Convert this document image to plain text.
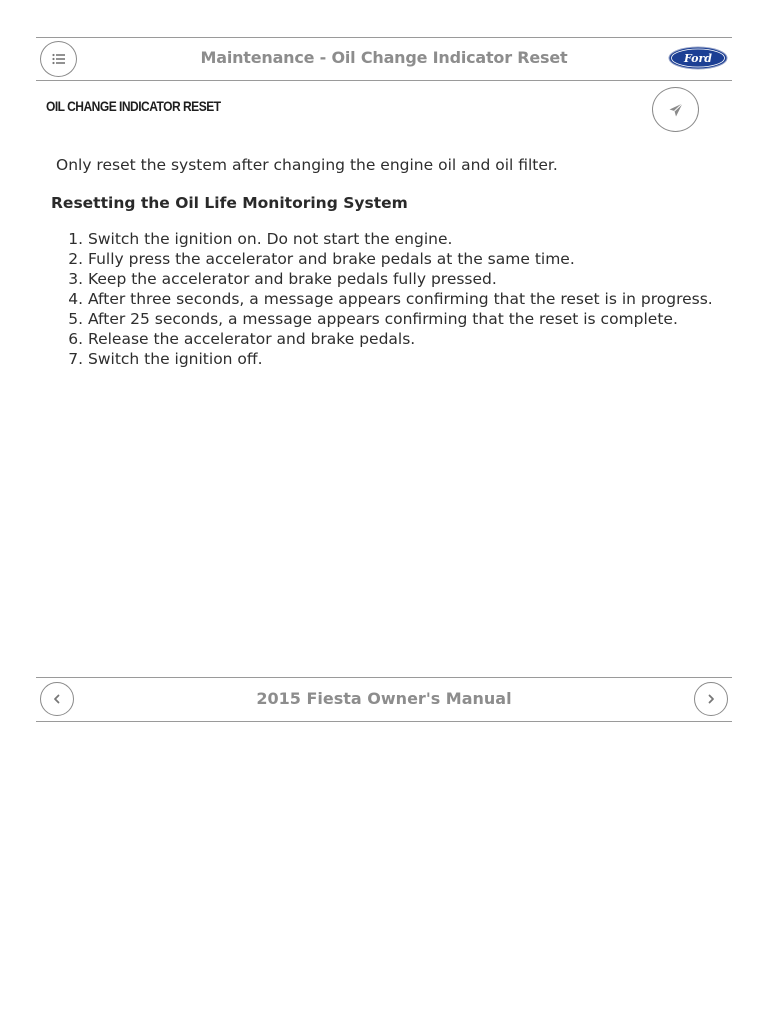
Maintenance - Oil Change Indicator Reset	Ford
OIL CHANGE INDICATOR RESET
Only reset the system after changing the engine oil and oil filter.
Resetting the Oil Life Monitoring System
1. Switch the ignition on. Do not start the engine.
2. Fully press the accelerator and brake pedals at the same time.
3. Keep the accelerator and brake pedals fully pressed.
4. After three seconds, a message appears confirming that the reset is in progress.
5. After 25 seconds, a message appears confirming that the reset is complete.
6. Release the accelerator and brake pedals.
7. Switch the ignition off.
2015 Fiesta Owner's Manual
